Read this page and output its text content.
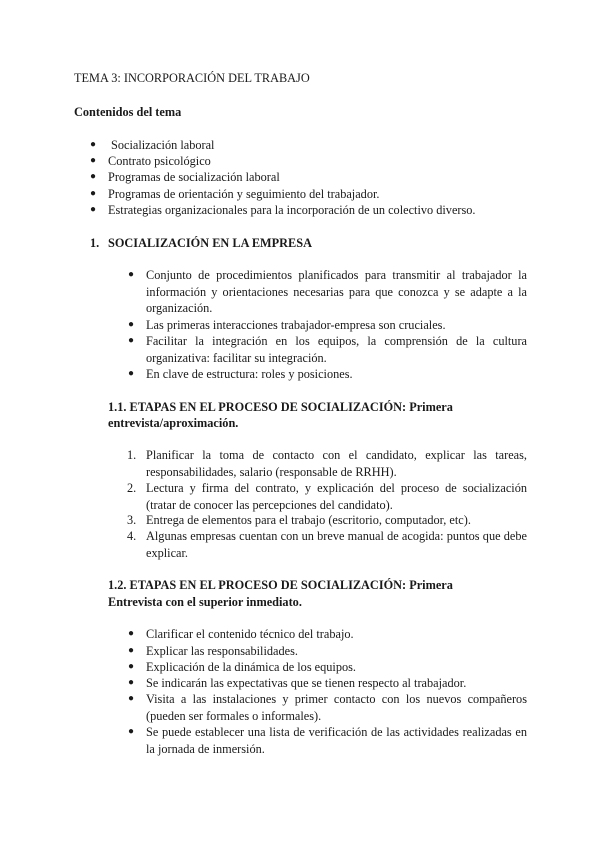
TEMA 3: INCORPORACIÓN DEL TRABAJO
Contenidos del tema
● Socialización laboral
● Contrato psicológico
● Programas de socialización laboral
● Programas de orientación y seguimiento del trabajador.
● Estrategias organizacionales para la incorporación de un colectivo diverso.
1. SOCIALIZACIÓN EN LA EMPRESA
● Conjunto de procedimientos planificados para transmitir al trabajador la información y orientaciones necesarias para que conozca y se adapte a la organización.
● Las primeras interacciones trabajador-empresa son cruciales.
● Facilitar la integración en los equipos, la comprensión de la cultura organizativa: facilitar su integración.
● En clave de estructura: roles y posiciones.
1.1. ETAPAS EN EL PROCESO DE SOCIALIZACIÓN: Primera
entrevista/aproximación.
1. Planificar la toma de contacto con el candidato, explicar las tareas, responsabilidades, salario (responsable de RRHH).
2. Lectura y firma del contrato, y explicación del proceso de socialización (tratar de conocer las percepciones del candidato).
3. Entrega de elementos para el trabajo (escritorio, computador, etc).
4. Algunas empresas cuentan con un breve manual de acogida: puntos que debe explicar.
1.2. ETAPAS EN EL PROCESO DE SOCIALIZACIÓN: Primera
Entrevista con el superior inmediato.
● Clarificar el contenido técnico del trabajo.
● Explicar las responsabilidades.
● Explicación de la dinámica de los equipos.
● Se indicarán las expectativas que se tienen respecto al trabajador.
● Visita a las instalaciones y primer contacto con los nuevos compañeros (pueden ser formales o informales).
● Se puede establecer una lista de verificación de las actividades realizadas en la jornada de inmersión.
